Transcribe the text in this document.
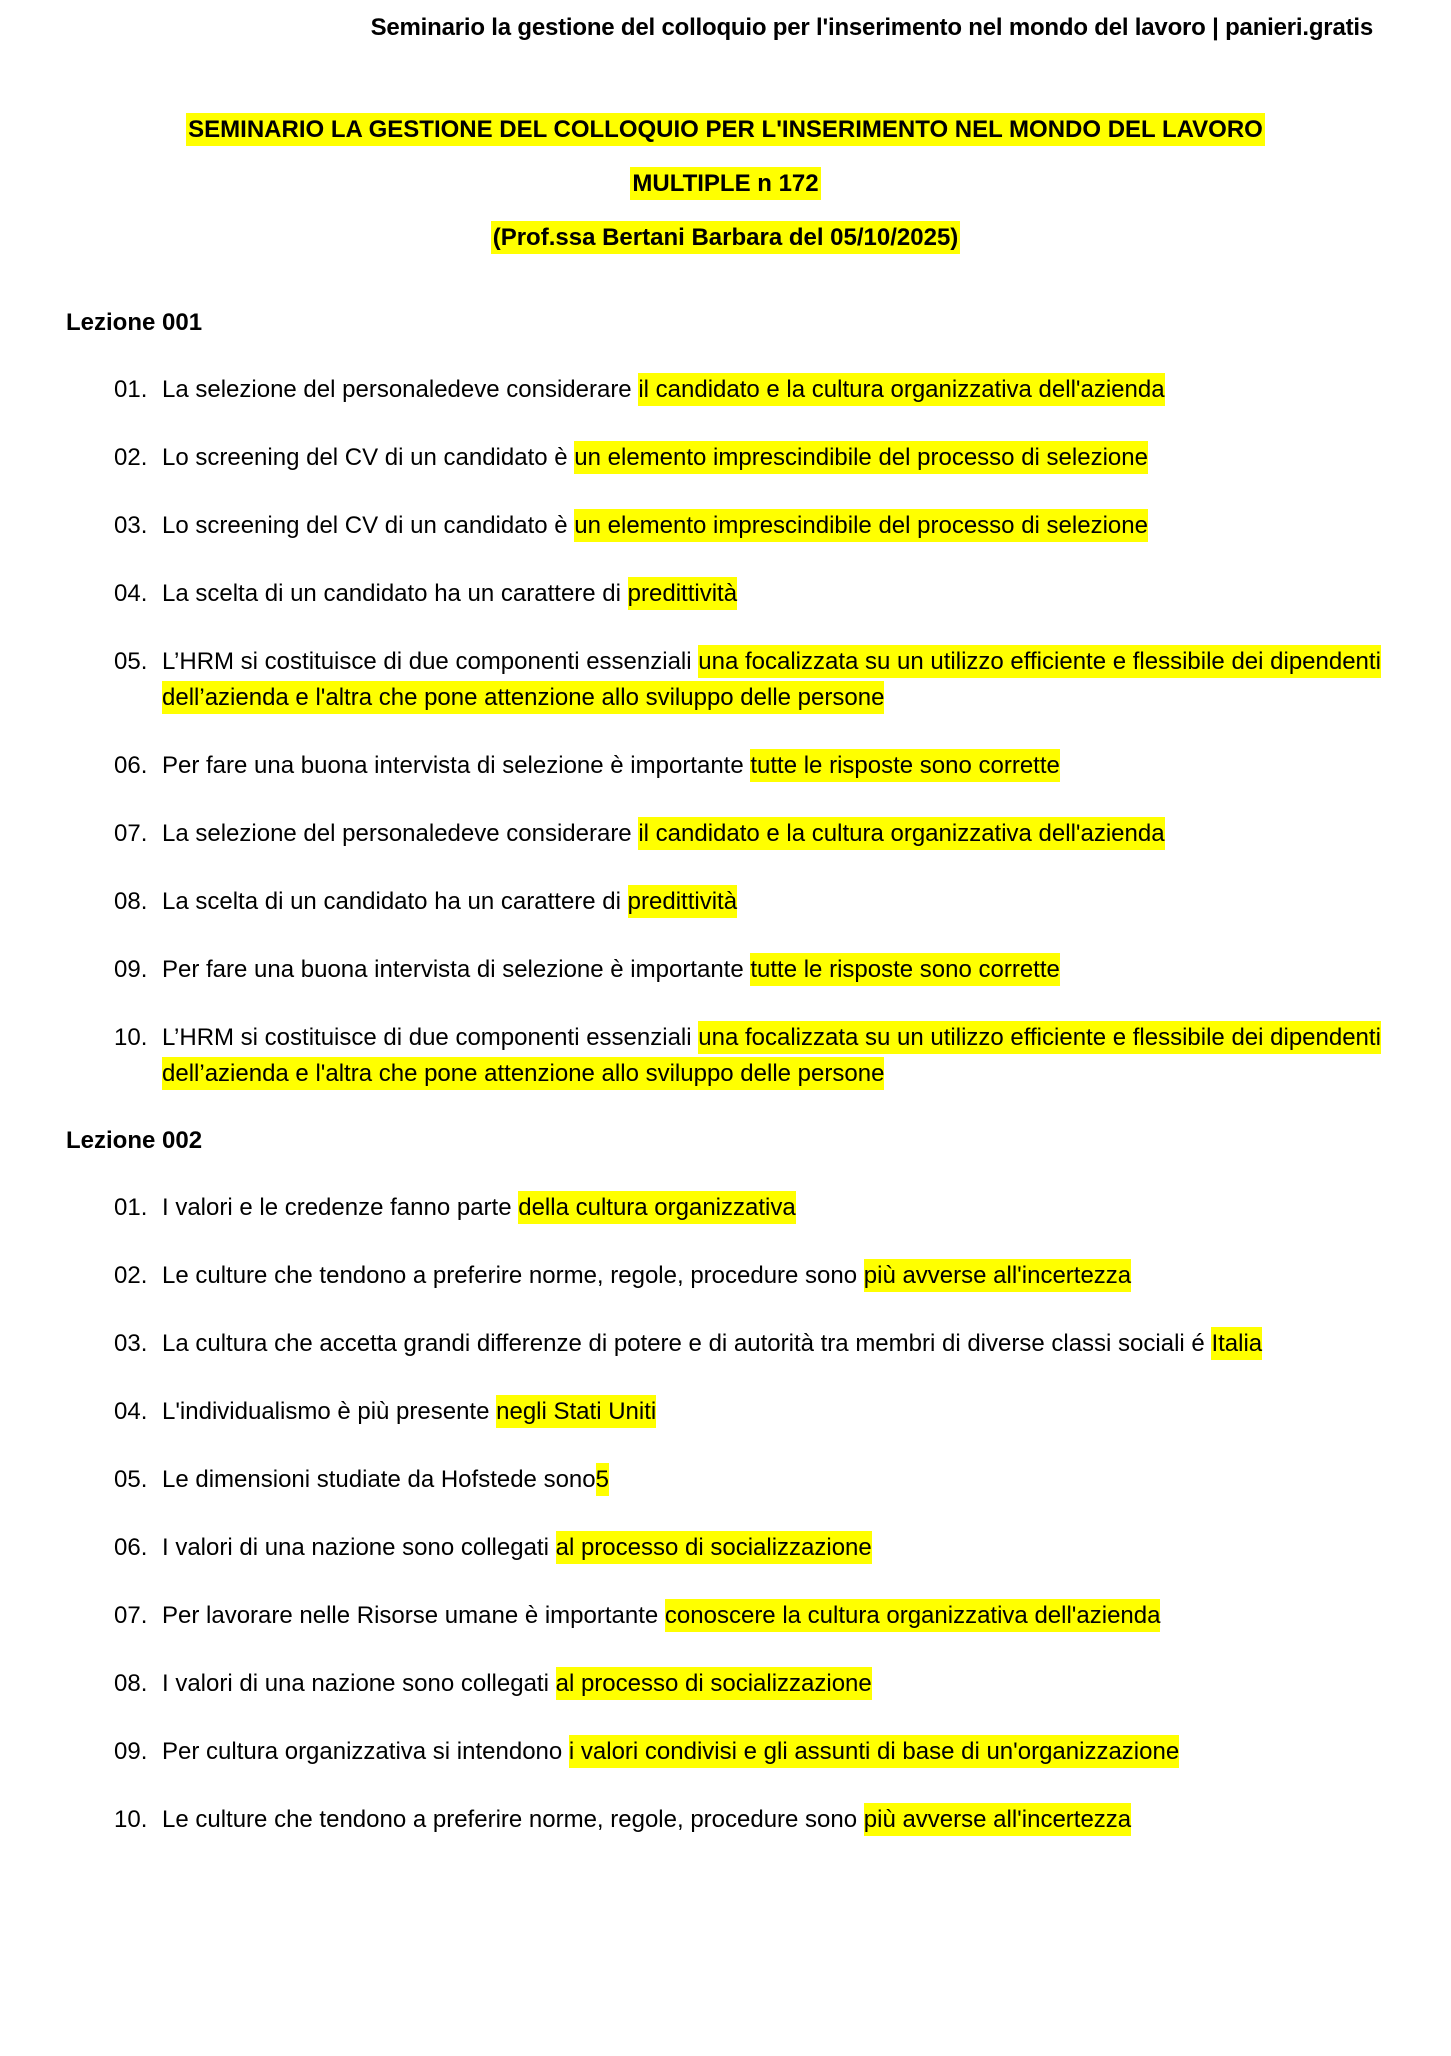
Seminario la gestione del colloquio per l'inserimento nel mondo del lavoro | panieri.gratis
SEMINARIO LA GESTIONE DEL COLLOQUIO PER L'INSERIMENTO NEL MONDO DEL LAVORO
MULTIPLE n 172
(Prof.ssa Bertani Barbara del 05/10/2025)
Lezione 001
01. La selezione del personaledeve considerare il candidato e la cultura organizzativa dell'azienda
02. Lo screening del CV di un candidato è un elemento imprescindibile del processo di selezione
03. Lo screening del CV di un candidato è un elemento imprescindibile del processo di selezione
04. La scelta di un candidato ha un carattere di predittività
05. L’HRM si costituisce di due componenti essenziali una focalizzata su un utilizzo efficiente e flessibile dei dipendenti dell’azienda e l'altra che pone attenzione allo sviluppo delle persone
06. Per fare una buona intervista di selezione è importante tutte le risposte sono corrette
07. La selezione del personaledeve considerare il candidato e la cultura organizzativa dell'azienda
08. La scelta di un candidato ha un carattere di predittività
09. Per fare una buona intervista di selezione è importante tutte le risposte sono corrette
10. L’HRM si costituisce di due componenti essenziali una focalizzata su un utilizzo efficiente e flessibile dei dipendenti dell’azienda e l'altra che pone attenzione allo sviluppo delle persone
Lezione 002
01. I valori e le credenze fanno parte della cultura organizzativa
02. Le culture che tendono a preferire norme, regole, procedure sono più avverse all'incertezza
03. La cultura che accetta grandi differenze di potere e di autorità tra membri di diverse classi sociali é Italia
04. L'individualismo è più presente negli Stati Uniti
05. Le dimensioni studiate da Hofstede sono5
06. I valori di una nazione sono collegati al processo di socializzazione
07. Per lavorare nelle Risorse umane è importante conoscere la cultura organizzativa dell'azienda
08. I valori di una nazione sono collegati al processo di socializzazione
09. Per cultura organizzativa si intendono i valori condivisi e gli assunti di base di un'organizzazione
10. Le culture che tendono a preferire norme, regole, procedure sono più avverse all'incertezza
